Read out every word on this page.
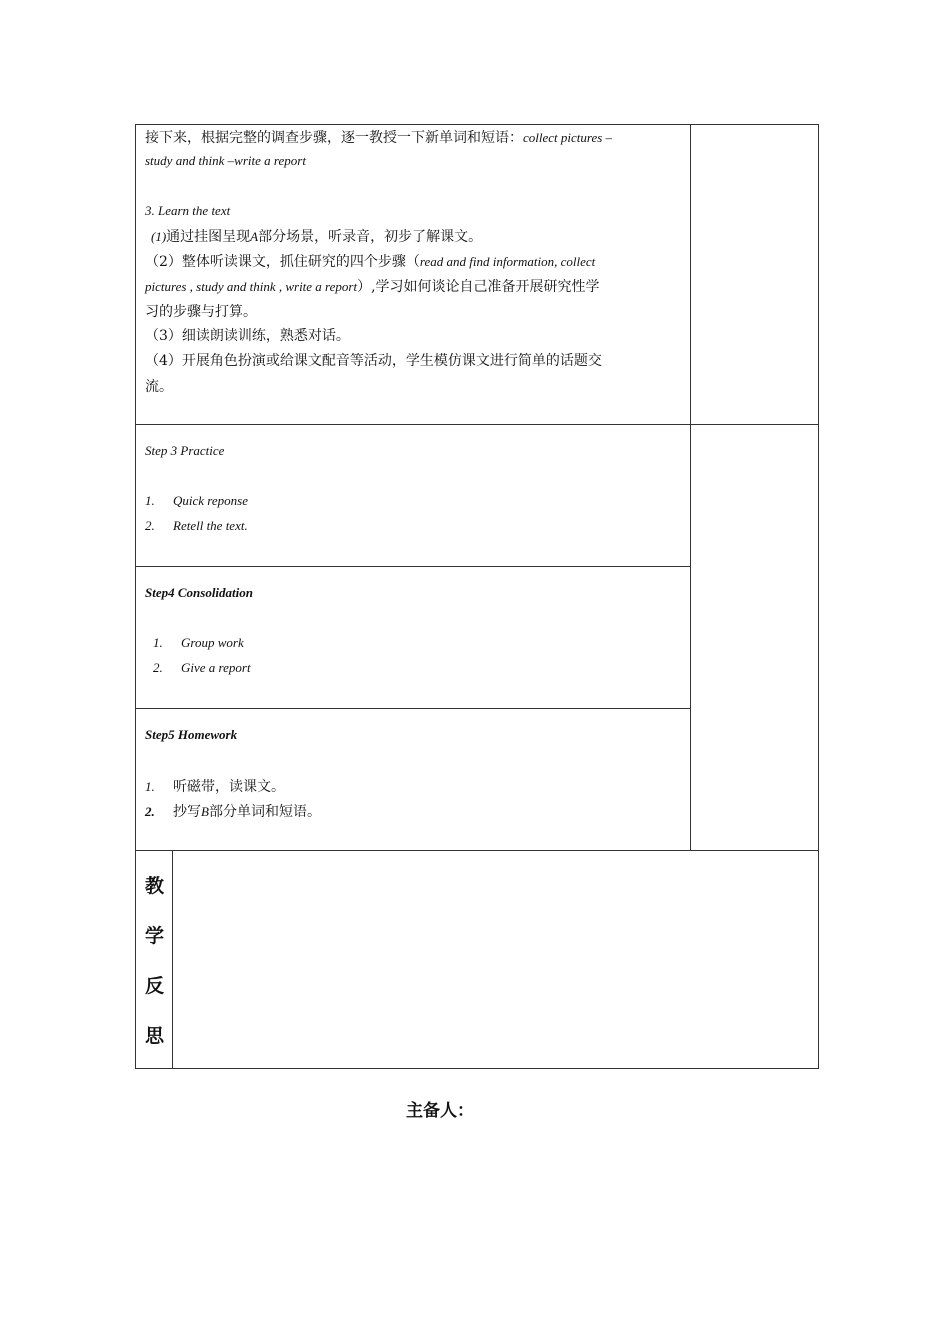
接下来，根据完整的调查步骤，逐一教授一下新单词和短语：collect pictures –
study and think –write a report
3. Learn the text
(1)通过挂图呈现A部分场景，听录音，初步了解课文。
（2）整体听读课文，抓住研究的四个步骤（read and find information, collect
pictures , study and think , write a report）,学习如何谈论自己准备开展研究性学
习的步骤与打算。
（3）细读朗读训练，熟悉对话。
（4）开展角色扮演或给课文配音等活动，学生模仿课文进行简单的话题交
流。
Step 3 Practice
1. Quick reponse
2. Retell the text.
Step4 Consolidation
1. Group work
2. Give a report
Step5 Homework
1. 听磁带，读课文。
2. 抄写B部分单词和短语。
教
学
反
思
主备人：
